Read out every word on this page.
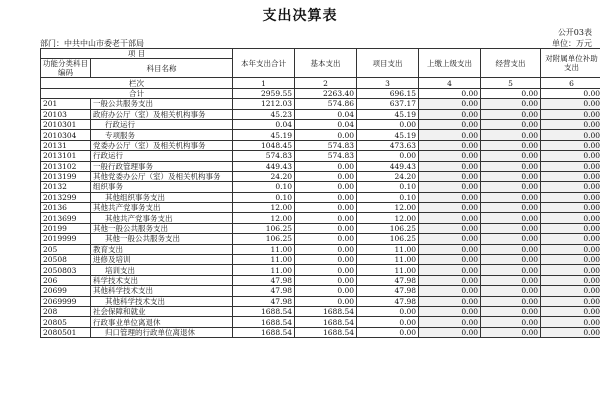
支出决算表
公开03表
部门：中共中山市委老干部局	单位：万元
项 目		本年支出合计	基本支出	项目支出	上缴上级支出	经营支出	对附属单位补助支出
功能分类科目编码	科目名称						

栏次		1	2	3	4	5	6
合计		2959.55	2263.40	696.15	0.00	0.00	0.00
201	一般公共服务支出	1212.03	574.86	637.17	0.00	0.00	0.00
20103	政府办公厅（室）及相关机构事务	45.23	0.04	45.19	0.00	0.00	0.00
2010301	行政运行	0.04	0.04	0.00	0.00	0.00	0.00
2010304	专项服务	45.19	0.00	45.19	0.00	0.00	0.00
20131	党委办公厅（室）及相关机构事务	1048.45	574.83	473.63	0.00	0.00	0.00
2013101	行政运行	574.83	574.83	0.00	0.00	0.00	0.00
2013102	一般行政管理事务	449.43	0.00	449.43	0.00	0.00	0.00
2013199	其他党委办公厅（室）及相关机构事务	24.20	0.00	24.20	0.00	0.00	0.00
20132	组织事务	0.10	0.00	0.10	0.00	0.00	0.00
2013299	其他组织事务支出	0.10	0.00	0.10	0.00	0.00	0.00
20136	其他共产党事务支出	12.00	0.00	12.00	0.00	0.00	0.00
2013699	其他共产党事务支出	12.00	0.00	12.00	0.00	0.00	0.00
20199	其他一般公共服务支出	106.25	0.00	106.25	0.00	0.00	0.00
2019999	其他一般公共服务支出	106.25	0.00	106.25	0.00	0.00	0.00
205	教育支出	11.00	0.00	11.00	0.00	0.00	0.00
20508	进修及培训	11.00	0.00	11.00	0.00	0.00	0.00
2050803	培训支出	11.00	0.00	11.00	0.00	0.00	0.00
206	科学技术支出	47.98	0.00	47.98	0.00	0.00	0.00
20699	其他科学技术支出	47.98	0.00	47.98	0.00	0.00	0.00
2069999	其他科学技术支出	47.98	0.00	47.98	0.00	0.00	0.00
208	社会保障和就业	1688.54	1688.54	0.00	0.00	0.00	0.00
20805	行政事业单位离退休	1688.54	1688.54	0.00	0.00	0.00	0.00
2080501	归口管理的行政单位离退休	1688.54	1688.54	0.00	0.00	0.00	0.00
